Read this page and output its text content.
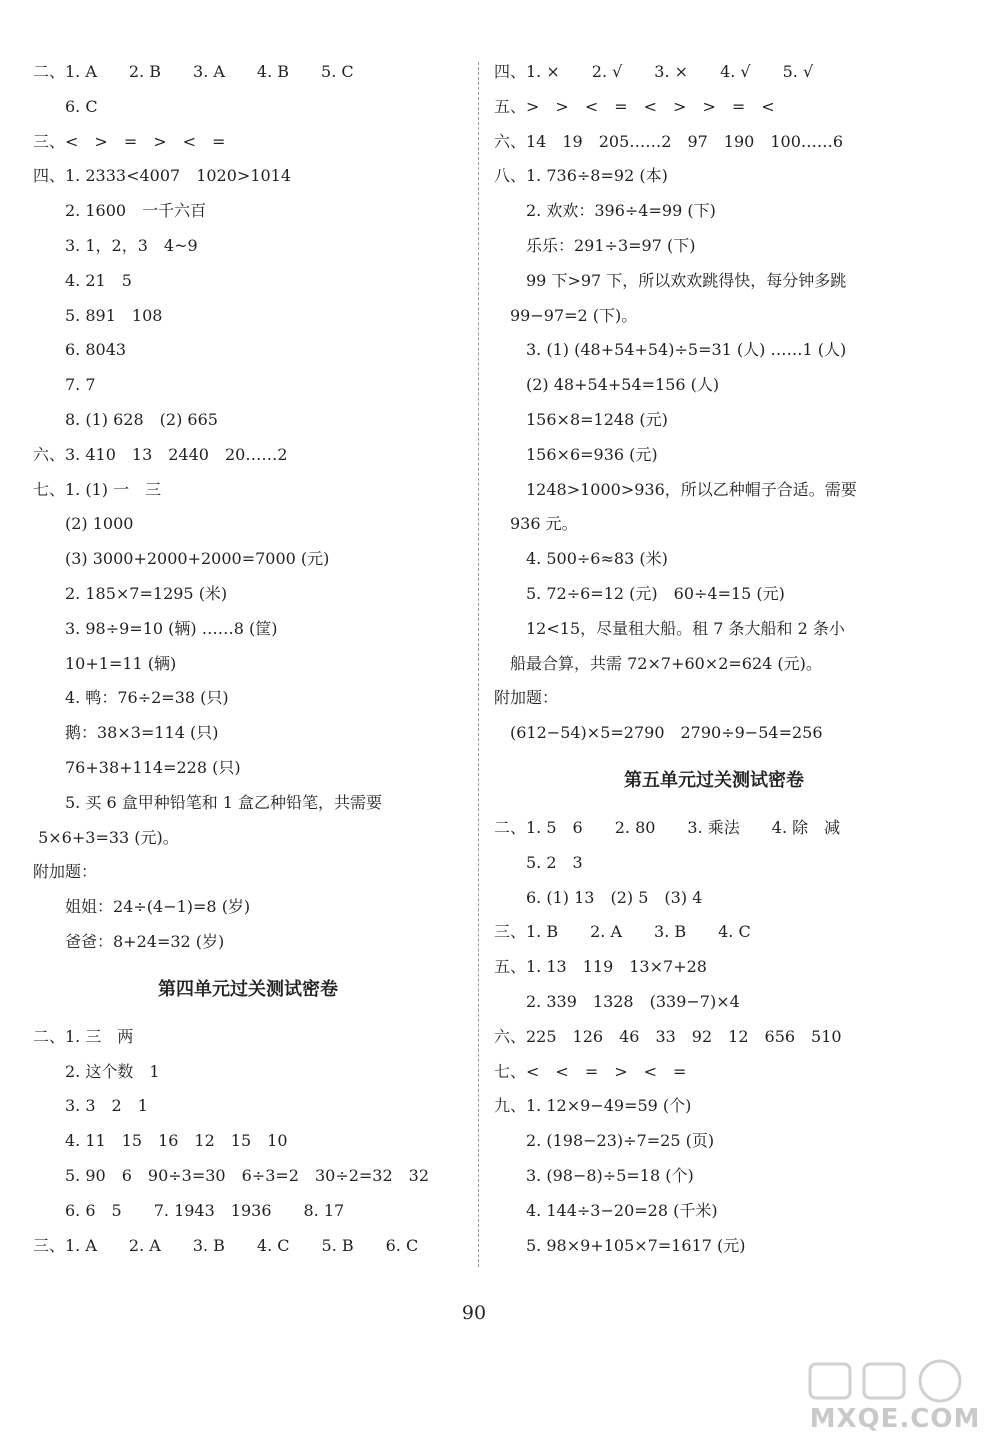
二、1. A　　2. B　　3. A　　4. B　　5. C
　　6. C
三、<　>　=　>　<　=
四、1. 2333<4007　1020>1014
　　2. 1600　一千六百
　　3. 1，2，3　4~9
　　4. 21　5
　　5. 891　108
　　6. 8043
　　7. 7
　　8. (1) 628　(2) 665
六、3. 410　13　2440　20……2
七、1. (1) 一　三
　　(2) 1000
　　(3) 3000+2000+2000=7000 (元)
　　2. 185×7=1295 (米)
　　3. 98÷9=10 (辆) ……8 (筐)
　　10+1=11 (辆)
　　4. 鸭：76÷2=38 (只)
　　鹅：38×3=114 (只)
　　76+38+114=228 (只)
　　5. 买 6 盒甲种铅笔和 1 盒乙种铅笔，共需要
5×6+3=33 (元)。
附加题：
　　姐姐：24÷(4−1)=8 (岁)
　　爸爸：8+24=32 (岁)
第四单元过关测试密卷
二、1. 三　两
　　2. 这个数　1
　　3. 3　2　1
　　4. 11　15　16　12　15　10
　　5. 90　6　90÷3=30　6÷3=2　30÷2=32　32
　　6. 6　5　　7. 1943　1936　　8. 17
三、1. A　　2. A　　3. B　　4. C　　5. B　　6. C
四、1. ×　　2. √　　3. ×　　4. √　　5. √
五、>　>　<　=　<　>　>　=　<
六、14　19　205……2　97　190　100……6
八、1. 736÷8=92 (本)
　　2. 欢欢：396÷4=99 (下)
　　乐乐：291÷3=97 (下)
　　99 下>97 下，所以欢欢跳得快，每分钟多跳
　99−97=2 (下)。
　　3. (1) (48+54+54)÷5=31 (人) ……1 (人)
　　(2) 48+54+54=156 (人)
　　156×8=1248 (元)
　　156×6=936 (元)
　　1248>1000>936，所以乙种帽子合适。需要
　936 元。
　　4. 500÷6≈83 (米)
　　5. 72÷6=12 (元)　60÷4=15 (元)
　　12<15，尽量租大船。租 7 条大船和 2 条小
　船最合算，共需 72×7+60×2=624 (元)。
附加题：
　(612−54)×5=2790　2790÷9−54=256
第五单元过关测试密卷
二、1. 5　6　　2. 80　　3. 乘法　　4. 除　减
　　5. 2　3
　　6. (1) 13　(2) 5　(3) 4
三、1. B　　2. A　　3. B　　4. C
五、1. 13　119　13×7+28
　　2. 339　1328　(339−7)×4
六、225　126　46　33　92　12　656　510
七、<　<　=　>　<　=
九、1. 12×9−49=59 (个)
　　2. (198−23)÷7=25 (页)
　　3. (98−8)÷5=18 (个)
　　4. 144÷3−20=28 (千米)
　　5. 98×9+105×7=1617 (元)
90
MXQE.COM
